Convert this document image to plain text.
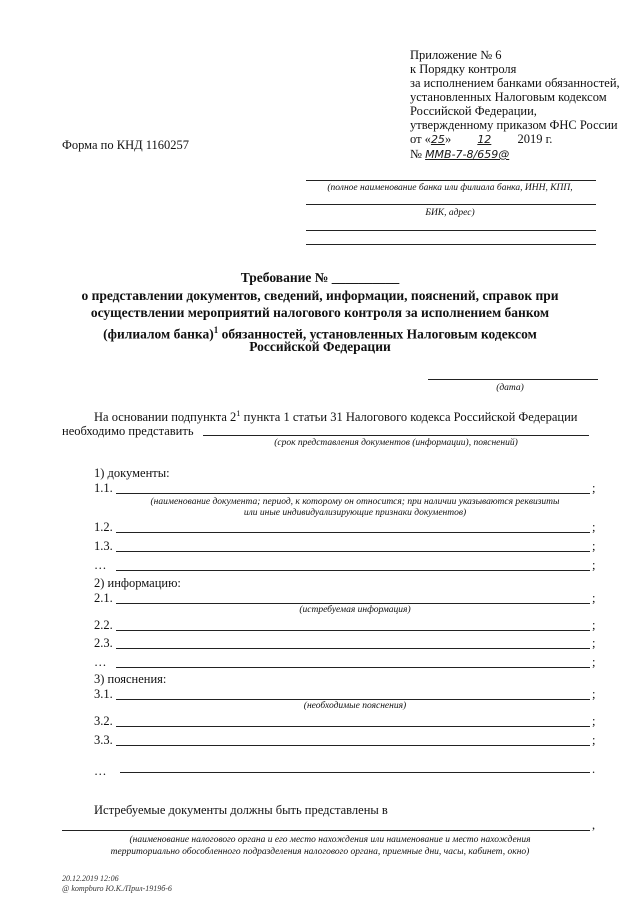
Приложение № 6
к Порядку контроля
за исполнением банками обязанностей,
установленных Налоговым кодексом
Российской Федерации,
утвержденному приказом ФНС России
от «25» 12 2019 г.
№ ММВ-7-8/659@
Форма по КНД 1160257
(полное наименование банка или филиала банка, ИНН, КПП,
БИК, адрес)
Требование № __________
о представлении документов, сведений, информации, пояснений, справок при
осуществлении мероприятий налогового контроля за исполнением банком
(филиалом банка)$^1$ обязанностей, установленных Налоговым кодексом
Российской Федерации
(дата)
На основании подпункта $2^1$ пункта 1 статьи 31 Налогового кодекса Российской Федерации
необходимо представить
(срок представления документов (информации), пояснений)
1) документы:
1.1.	;
(наименование документа; период, к которому он относится; при наличии указываются реквизиты
или иные индивидуализирующие признаки документов)
1.2.	;
1.3.	;
…	;
2) информацию:
2.1.	;
(истребуемая информация)
2.2.	;
2.3.	;
…	;
3) пояснения:
3.1.	;
(необходимые пояснения)
3.2.	;
3.3.	;
…	.
Истребуемые документы должны быть представлены в
,
(наименование налогового органа и его место нахождения или наименование и место нахождения
территориально обособленного подразделения налогового органа, приемные дни, часы, кабинет, окно)
20.12.2019 12:06
@ kompburo Ю.К./Прил-1919б-6
